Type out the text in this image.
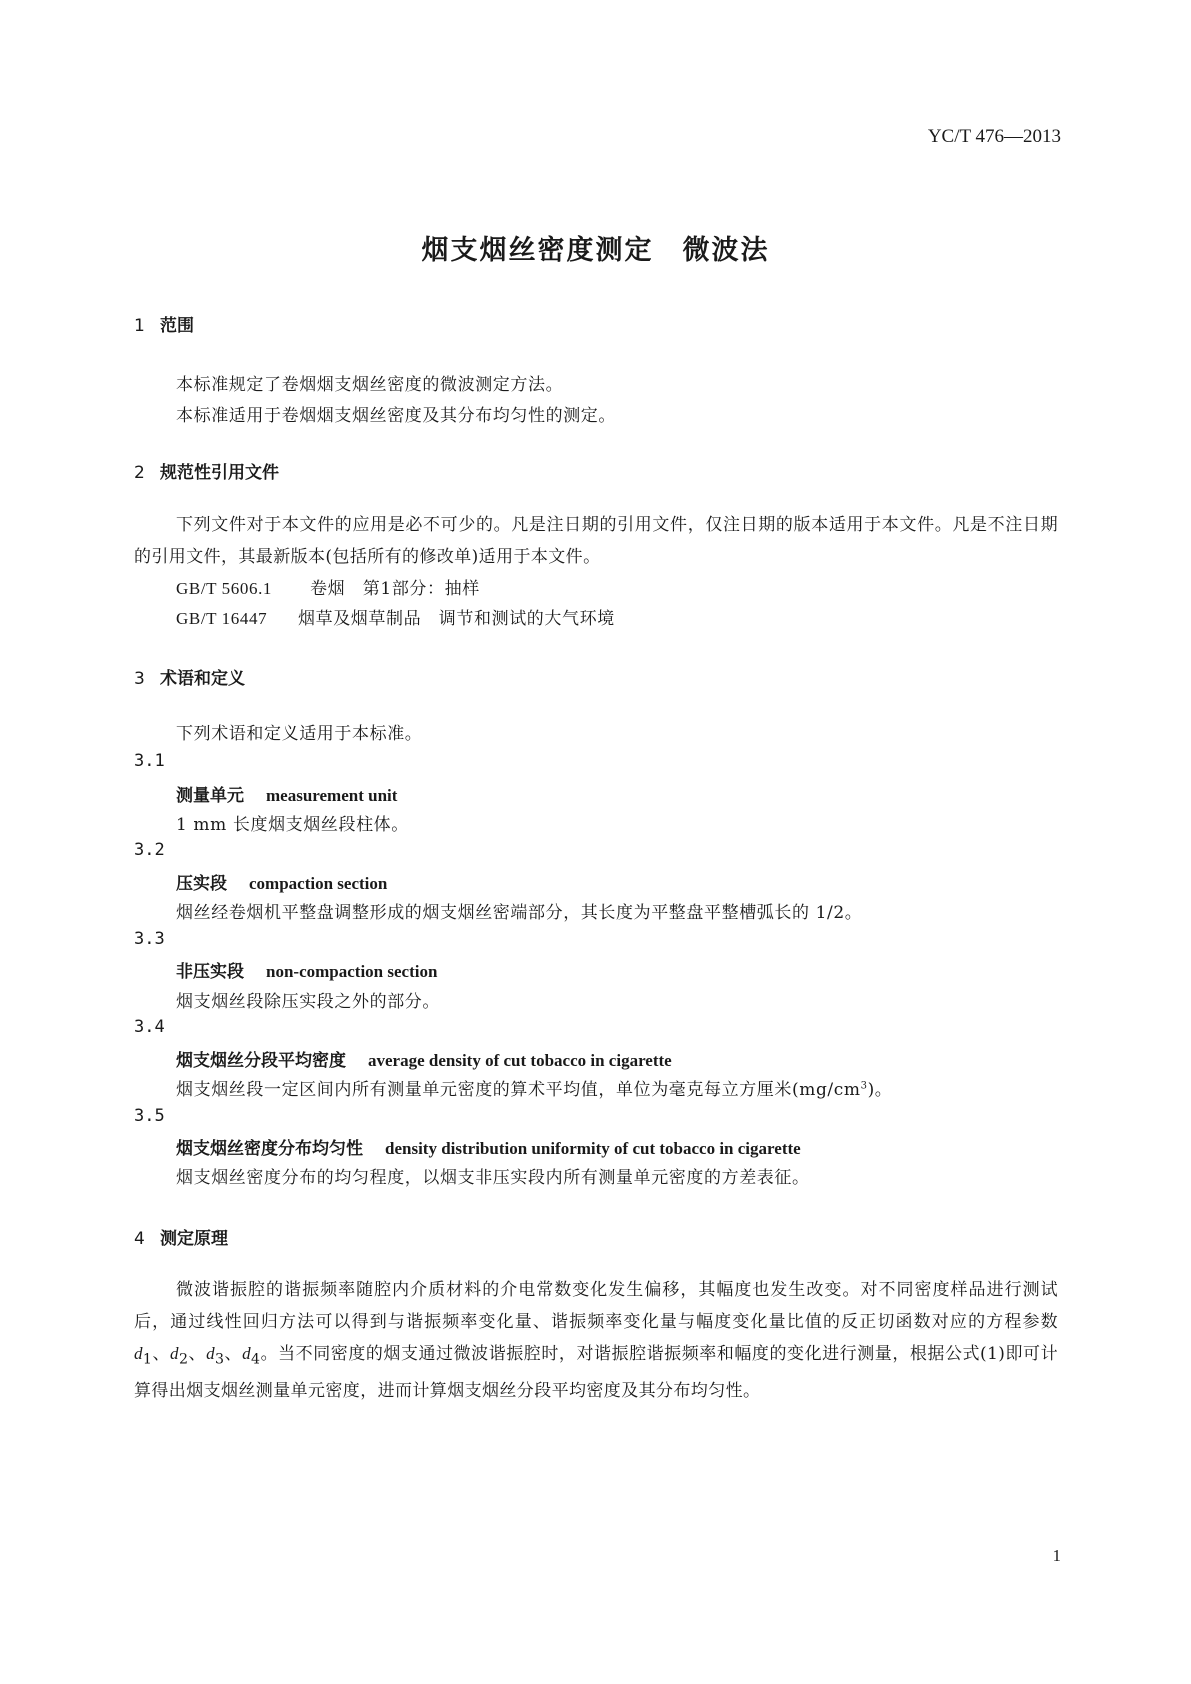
YC/T 476—2013
烟支烟丝密度测定　微波法
1 范围
本标准规定了卷烟烟支烟丝密度的微波测定方法。
本标准适用于卷烟烟支烟丝密度及其分布均匀性的测定。
2 规范性引用文件
下列文件对于本文件的应用是必不可少的。凡是注日期的引用文件，仅注日期的版本适用于本文件。凡是不注日期的引用文件，其最新版本(包括所有的修改单)适用于本文件。
GB/T 5606.1 卷烟　第1部分：抽样
GB/T 16447 烟草及烟草制品　调节和测试的大气环境
3 术语和定义
下列术语和定义适用于本标准。
3.1
测量单元 measurement unit
1 mm 长度烟支烟丝段柱体。
3.2
压实段 compaction section
烟丝经卷烟机平整盘调整形成的烟支烟丝密端部分，其长度为平整盘平整槽弧长的 1/2。
3.3
非压实段 non-compaction section
烟支烟丝段除压实段之外的部分。
3.4
烟支烟丝分段平均密度 average density of cut tobacco in cigarette
烟支烟丝段一定区间内所有测量单元密度的算术平均值，单位为毫克每立方厘米$(mg/cm^3)$。
3.5
烟支烟丝密度分布均匀性 density distribution uniformity of cut tobacco in cigarette
烟支烟丝密度分布的均匀程度，以烟支非压实段内所有测量单元密度的方差表征。
4 测定原理
微波谐振腔的谐振频率随腔内介质材料的介电常数变化发生偏移，其幅度也发生改变。对不同密度样品进行测试后，通过线性回归方法可以得到与谐振频率变化量、谐振频率变化量与幅度变化量比值的反正切函数对应的方程参数 $d_1$、$d_2$、$d_3$、$d_4$。当不同密度的烟支通过微波谐振腔时，对谐振腔谐振频率和幅度的变化进行测量，根据公式(1)即可计算得出烟支烟丝测量单元密度，进而计算烟支烟丝分段平均密度及其分布均匀性。
1
